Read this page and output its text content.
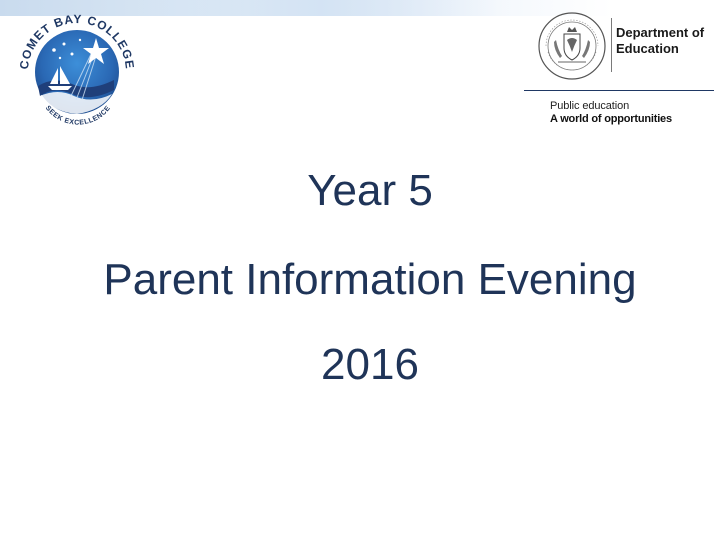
COMET BAY COLLEGE
SEEK EXCELLENCE
Department of
Education
Public education
A world of opportunities
Year 5
Parent Information Evening
2016
